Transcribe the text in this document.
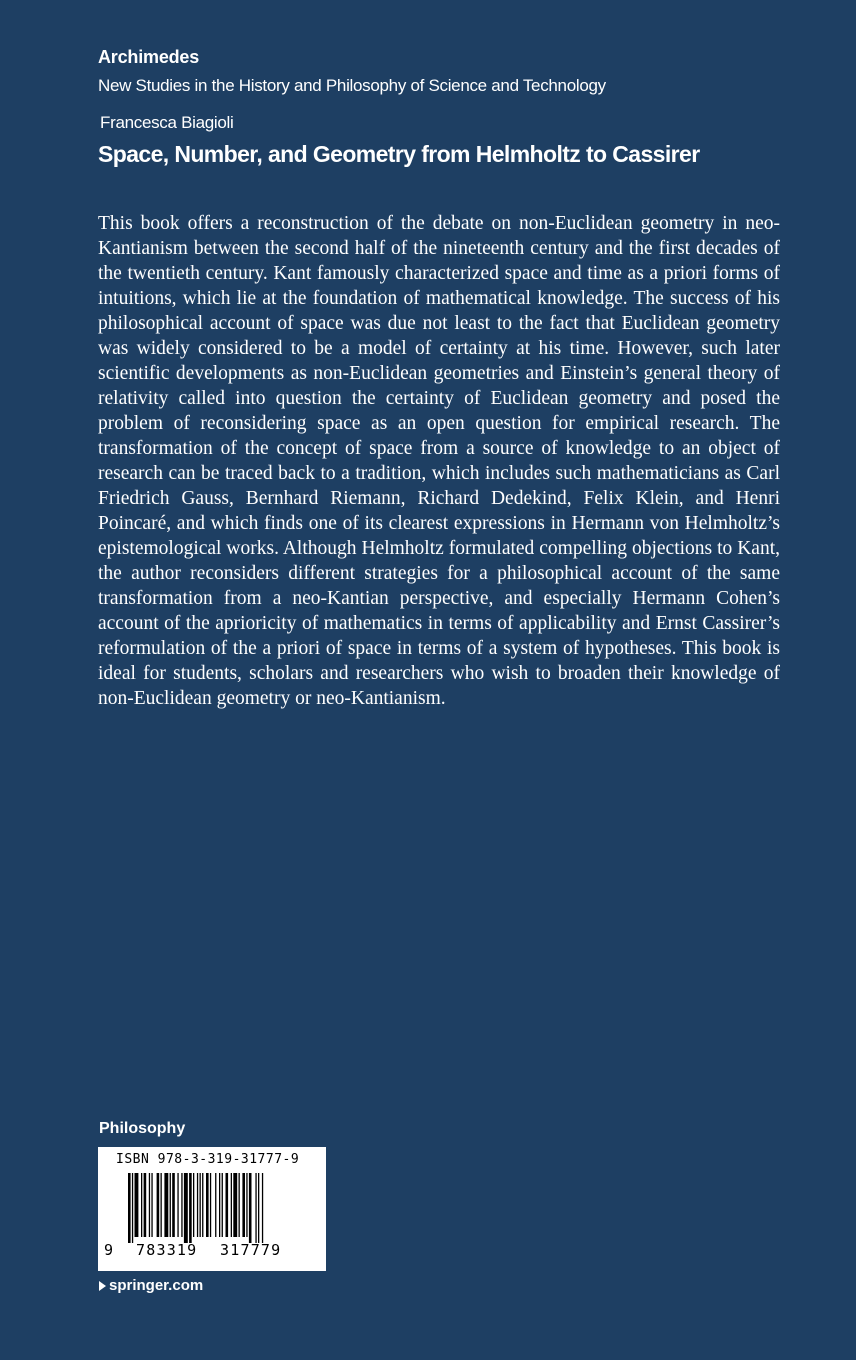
Archimedes

New Studies in the History and Philosophy of Science and Technology

Francesca Biagioli
Space, Number, and Geometry from Helmholtz to Cassirer

This book offers a reconstruction of the debate on non-Euclidean geometry in neo-Kantianism between the second half of the nineteenth century and the first decades of the twentieth century. Kant famously characterized space and time as a priori forms of intuitions, which lie at the foundation of mathematical knowledge. The success of his philosophical account of space was due not least to the fact that Euclidean geometry was widely considered to be a model of certainty at his time. However, such later scientific developments as non-Euclidean geometries and Einstein’s general theory of relativity called into question the certainty of Euclidean geometry and posed the problem of reconsidering space as an open question for empirical research. The transformation of the concept of space from a source of knowledge to an object of research can be traced back to a tradition, which includes such mathematicians as Carl Friedrich Gauss, Bernhard Riemann, Richard Dedekind, Felix Klein, and Henri Poincaré, and which finds one of its clearest expressions in Hermann von Helmholtz’s epistemological works. Although Helmholtz formulated compelling objections to Kant, the author reconsiders different strategies for a philosophical account of the same transformation from a neo-Kantian perspective, and especially Hermann Cohen’s account of the aprioricity of mathematics in terms of applicability and Ernst Cassirer’s reformulation of the a priori of space in terms of a system of hypotheses. This book is ideal for students, scholars and researchers who wish to broaden their knowledge of non-Euclidean geometry or neo-Kantianism.

Philosophy
ISBN 978-3-319-31777-9
9 783319 317779
springer.com
